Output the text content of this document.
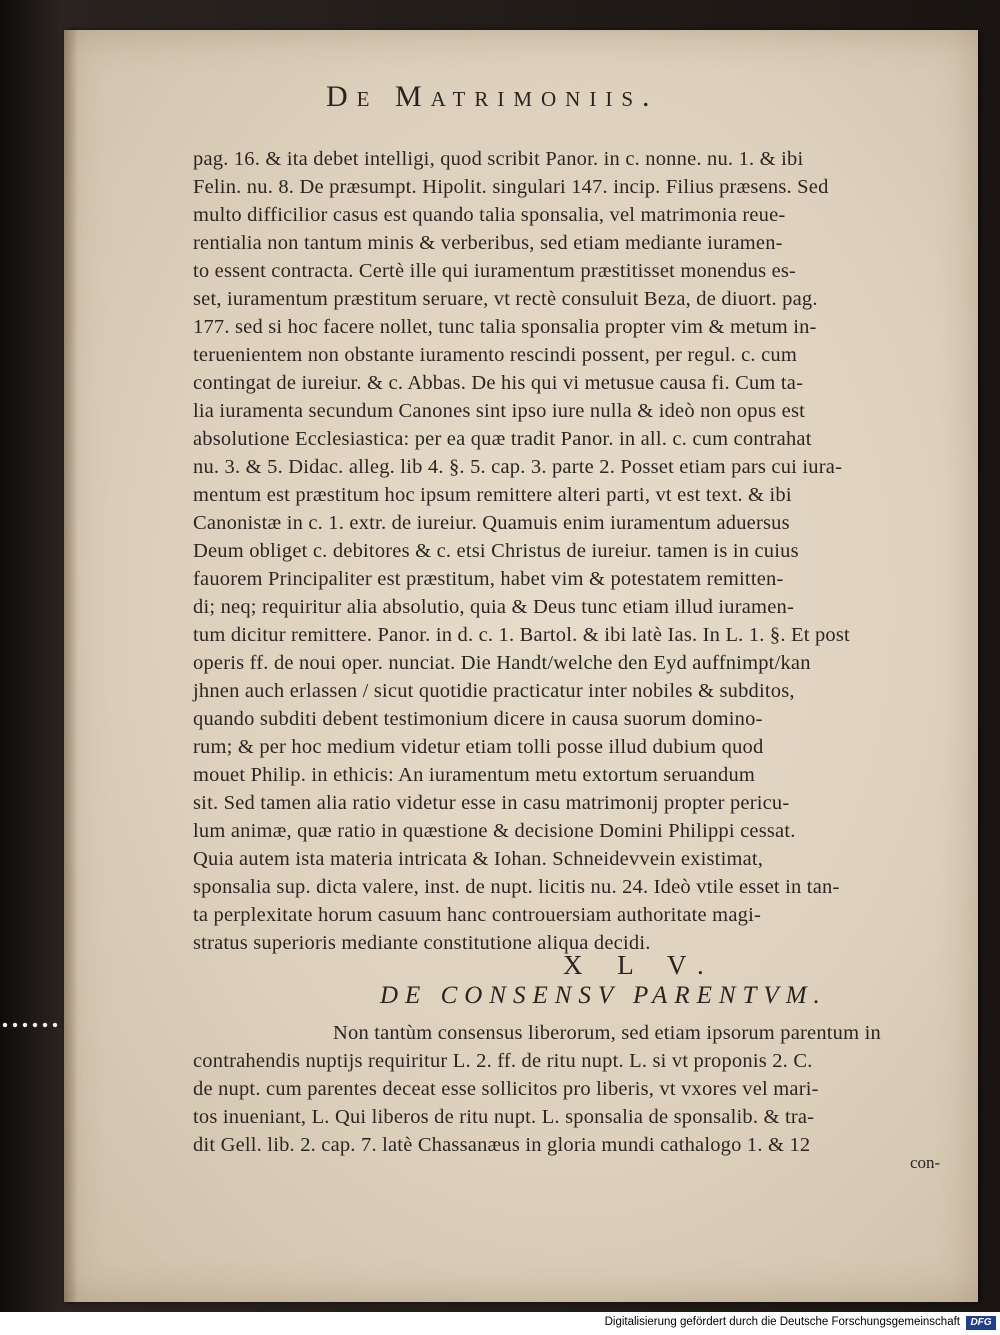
De Matrimoniis.
pag. 16. & ita debet intelligi, quod scribit Panor. in c. nonne. nu. 1. & ibi
Felin. nu. 8. De præsumpt. Hipolit. singulari 147. incip. Filius præsens. Sed
multo difficilior casus est quando talia sponsalia, vel matrimonia reue-
rentialia non tantum minis & verberibus, sed etiam mediante iuramen-
to essent contracta. Certè ille qui iuramentum præstitisset monendus es-
set, iuramentum præstitum seruare, vt rectè consuluit Beza, de diuort. pag.
177. sed si hoc facere nollet, tunc talia sponsalia propter vim & metum in-
teruenientem non obstante iuramento rescindi possent, per regul. c. cum
contingat de iureiur. & c. Abbas. De his qui vi metusue causa fi. Cum ta-
lia iuramenta secundum Canones sint ipso iure nulla & ideò non opus est
absolutione Ecclesiastica: per ea quæ tradit Panor. in all. c. cum contrahat
nu. 3. & 5. Didac. alleg. lib 4. §. 5. cap. 3. parte 2. Posset etiam pars cui iura-
mentum est præstitum hoc ipsum remittere alteri parti, vt est text. & ibi
Canonistæ in c. 1. extr. de iureiur. Quamuis enim iuramentum aduersus
Deum obliget c. debitores & c. etsi Christus de iureiur. tamen is in cuius
fauorem Principaliter est præstitum, habet vim & potestatem remitten-
di; neq; requiritur alia absolutio, quia & Deus tunc etiam illud iuramen-
tum dicitur remittere. Panor. in d. c. 1. Bartol. & ibi latè Ias. In L. 1. §. Et post
operis ff. de noui oper. nunciat. Die Handt/welche den Eyd auffnimpt/kan
jhnen auch erlassen / sicut quotidie practicatur inter nobiles & subditos,
quando subditi debent testimonium dicere in causa suorum domino-
rum; & per hoc medium videtur etiam tolli posse illud dubium quod
mouet Philip. in ethicis: An iuramentum metu extortum seruandum
sit. Sed tamen alia ratio videtur esse in casu matrimonij propter pericu-
lum animæ, quæ ratio in quæstione & decisione Domini Philippi cessat.
Quia autem ista materia intricata & Iohan. Schneidevvein existimat,
sponsalia sup. dicta valere, inst. de nupt. licitis nu. 24. Ideò vtile esset in tan-
ta perplexitate horum casuum hanc controuersiam authoritate magi-
stratus superioris mediante constitutione aliqua decidi.
Non tantùm consensus liberorum, sed etiam ipsorum parentum in
contrahendis nuptijs requiritur L. 2. ff. de ritu nupt. L. si vt proponis 2. C.
de nupt. cum parentes deceat esse sollicitos pro liberis, vt vxores vel mari-
tos inueniant, L. Qui liberos de ritu nupt. L. sponsalia de sponsalib. & tra-
dit Gell. lib. 2. cap. 7. latè Chassanæus in gloria mundi cathalogo 1. & 12
X L V.
DE CONSENSV PARENTVM.
con-
Digitalisierung gefördert durch die Deutsche Forschungsgemeinschaft	DFG
